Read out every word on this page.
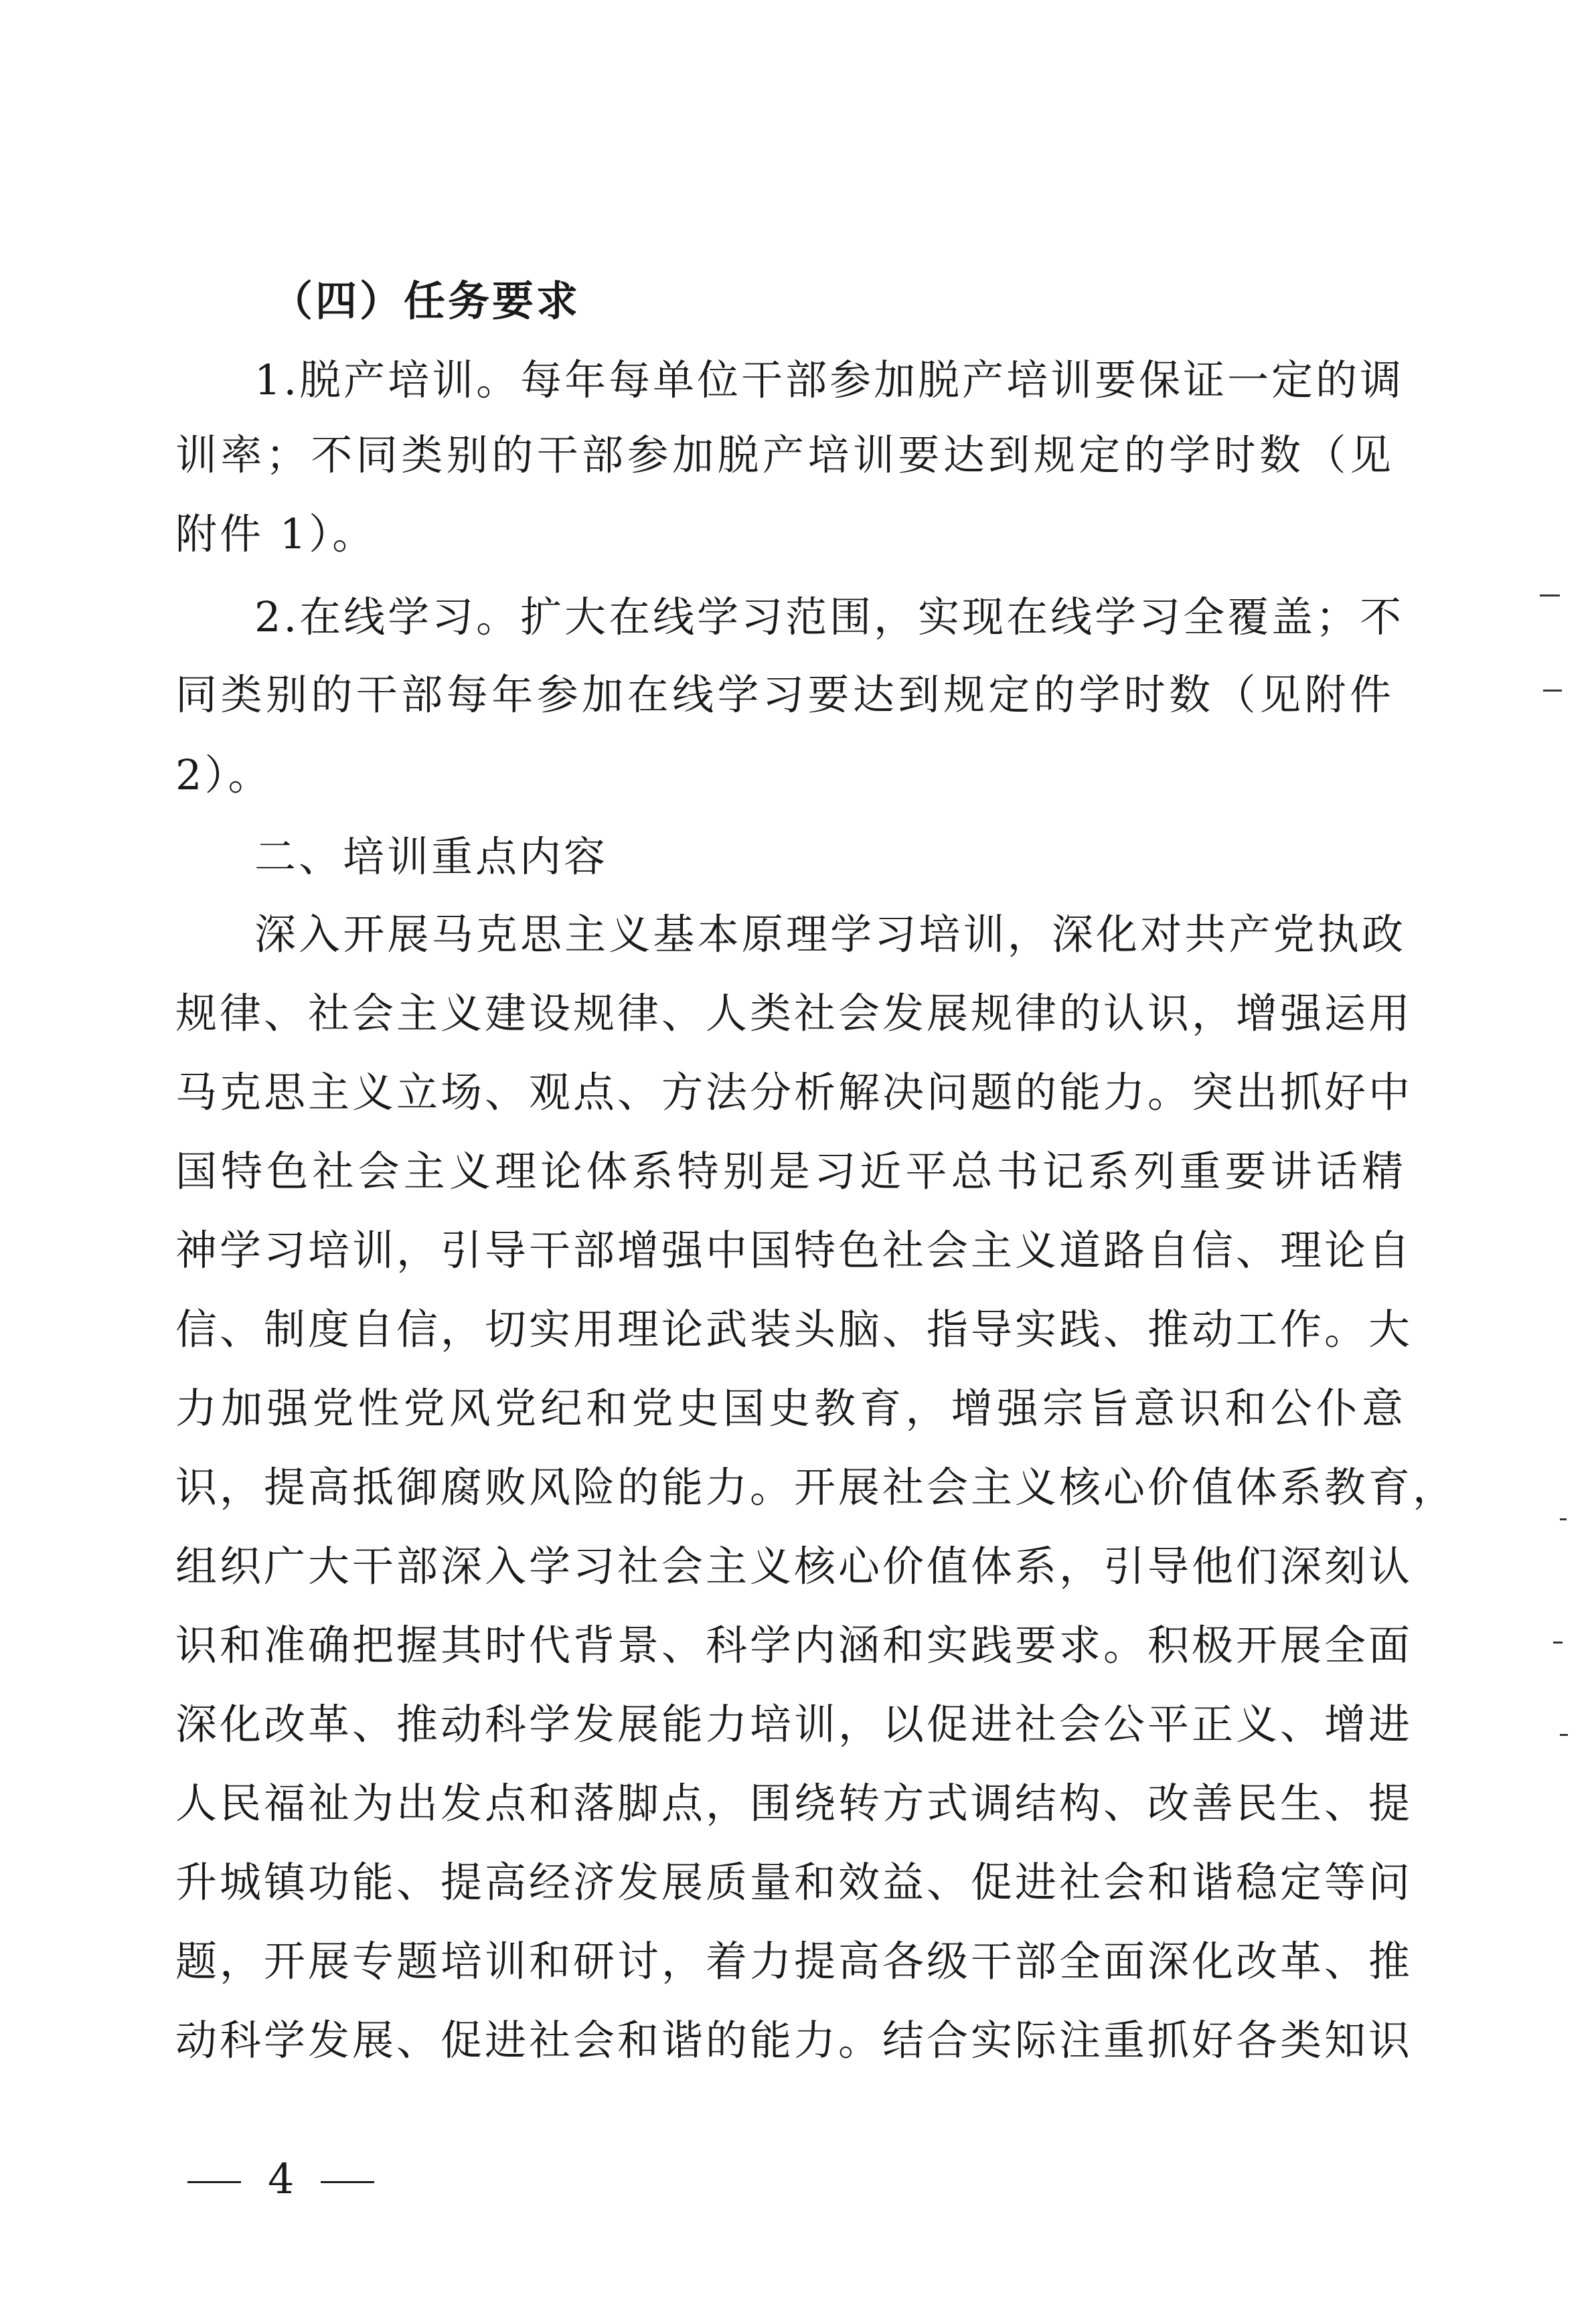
（四）任务要求
1.脱产培训。每年每单位干部参加脱产培训要保证一定的调
训率；不同类别的干部参加脱产培训要达到规定的学时数（见
附件 1）。
2.在线学习。扩大在线学习范围，实现在线学习全覆盖；不
同类别的干部每年参加在线学习要达到规定的学时数（见附件
2）。
二、培训重点内容
深入开展马克思主义基本原理学习培训，深化对共产党执政
规律、社会主义建设规律、人类社会发展规律的认识，增强运用
马克思主义立场、观点、方法分析解决问题的能力。突出抓好中
国特色社会主义理论体系特别是习近平总书记系列重要讲话精
神学习培训，引导干部增强中国特色社会主义道路自信、理论自
信、制度自信，切实用理论武装头脑、指导实践、推动工作。大
力加强党性党风党纪和党史国史教育，增强宗旨意识和公仆意
识，提高抵御腐败风险的能力。开展社会主义核心价值体系教育，
组织广大干部深入学习社会主义核心价值体系，引导他们深刻认
识和准确把握其时代背景、科学内涵和实践要求。积极开展全面
深化改革、推动科学发展能力培训，以促进社会公平正义、增进
人民福祉为出发点和落脚点，围绕转方式调结构、改善民生、提
升城镇功能、提高经济发展质量和效益、促进社会和谐稳定等问
题，开展专题培训和研讨，着力提高各级干部全面深化改革、推
动科学发展、促进社会和谐的能力。结合实际注重抓好各类知识
4
